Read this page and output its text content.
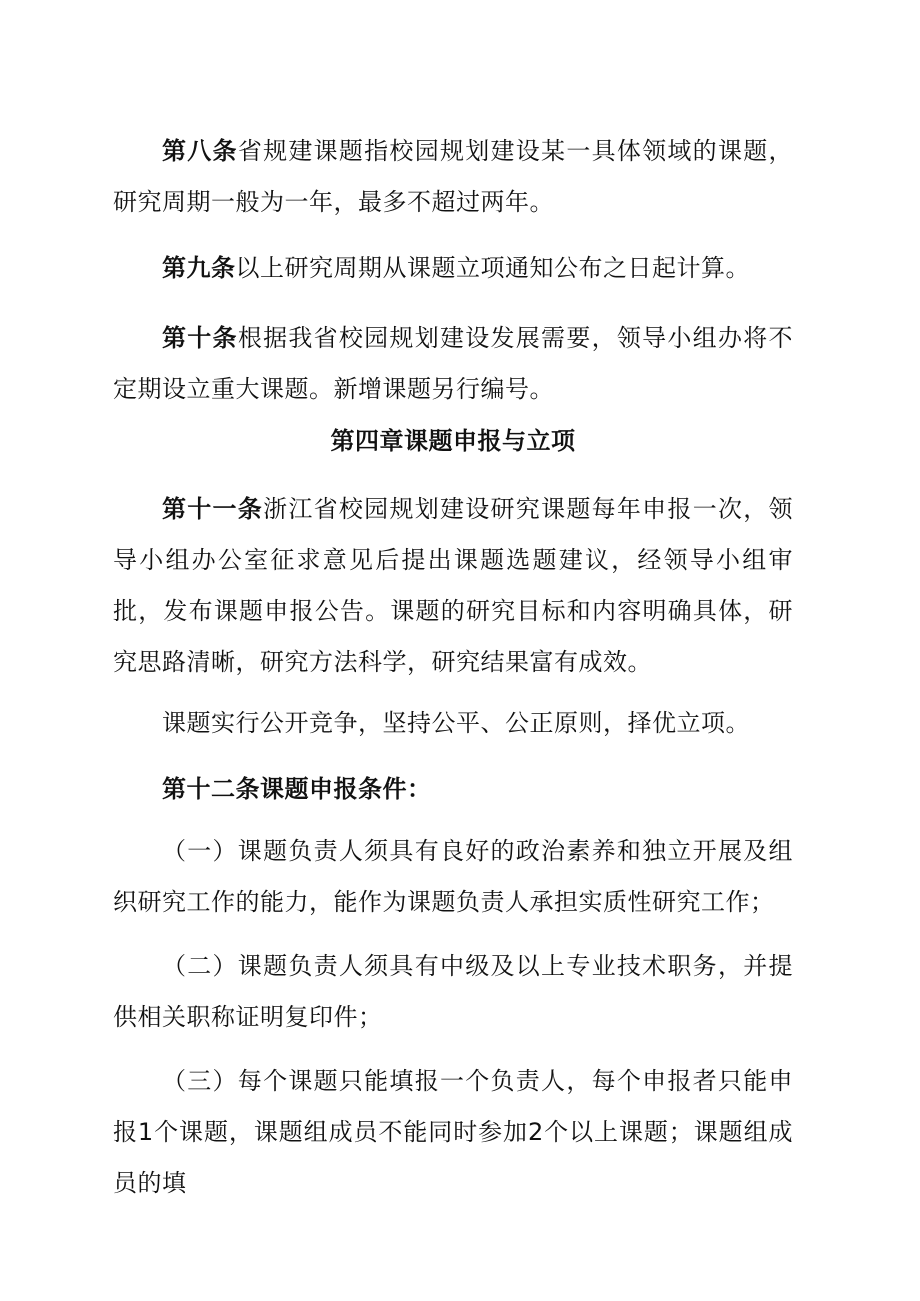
第八条省规建课题指校园规划建设某一具体领域的课题，研究周期一般为一年，最多不超过两年。

第九条以上研究周期从课题立项通知公布之日起计算。

第十条根据我省校园规划建设发展需要，领导小组办将不定期设立重大课题。新增课题另行编号。

第四章课题申报与立项

第十一条浙江省校园规划建设研究课题每年申报一次，领导小组办公室征求意见后提出课题选题建议，经领导小组审批，发布课题申报公告。课题的研究目标和内容明确具体，研究思路清晰，研究方法科学，研究结果富有成效。

课题实行公开竞争，坚持公平、公正原则，择优立项。

第十二条课题申报条件：

（一）课题负责人须具有良好的政治素养和独立开展及组织研究工作的能力，能作为课题负责人承担实质性研究工作；

（二）课题负责人须具有中级及以上专业技术职务，并提供相关职称证明复印件；

（三）每个课题只能填报一个负责人，每个申报者只能申报1个课题，课题组成员不能同时参加2个以上课题；课题组成员的填
